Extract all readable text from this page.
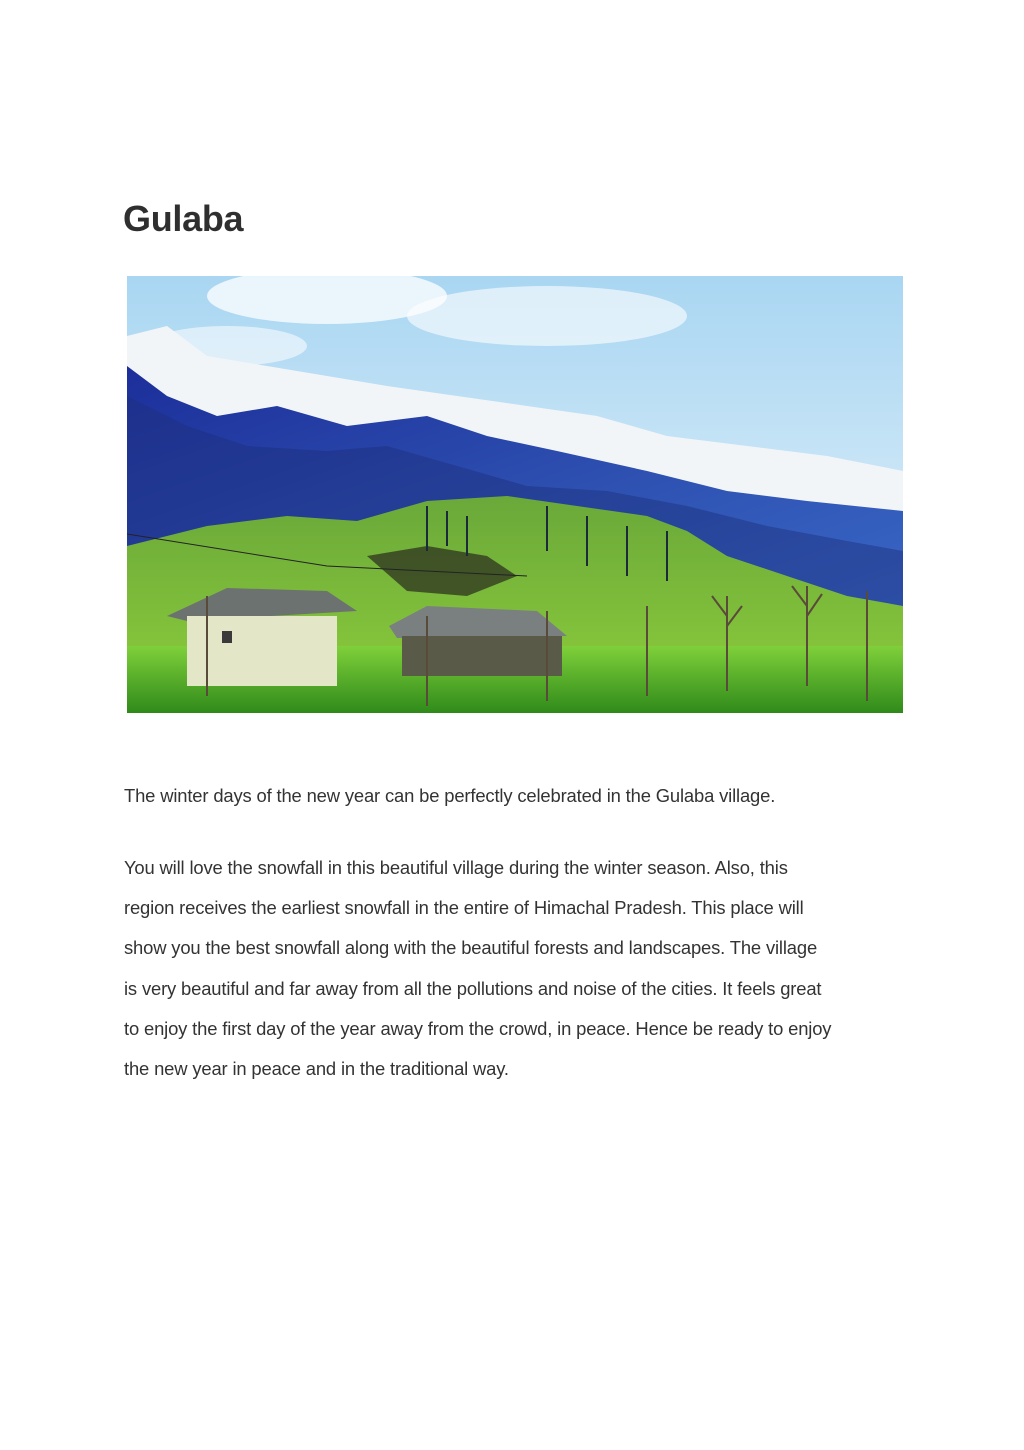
Gulaba

The winter days of the new year can be perfectly celebrated in the Gulaba village.

You will love the snowfall in this beautiful village during the winter season. Also, this
region receives the earliest snowfall in the entire of Himachal Pradesh. This place will
show you the best snowfall along with the beautiful forests and landscapes. The village
is very beautiful and far away from all the pollutions and noise of the cities. It feels great
to enjoy the first day of the year away from the crowd, in peace. Hence be ready to enjoy
the new year in peace and in the traditional way.
